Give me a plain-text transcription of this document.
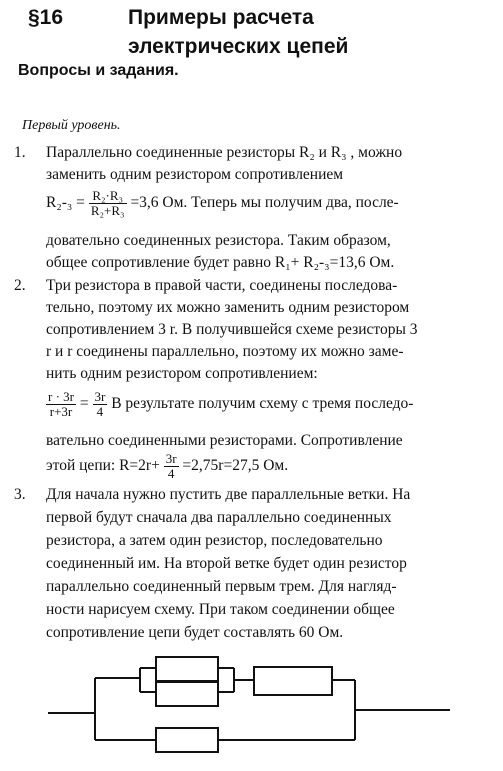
§16	Примеры расчета
электрических цепей
Вопросы и задания.
Первый уровень.
1. Параллельно соединенные резисторы R₂ и R₃ , можно
заменить одним резистором сопротивлением
$R_2-_3 = \frac{\text{R₂·R₃}}{\text{R₂+R₃}} =3,6$ Ом. Теперь мы получим два, после-
довательно соединенных резистора. Таким образом,
общее сопротивление будет равно R₁+ R₂-₃=13,6 Ом.
2. Три резистора в правой части, соединены последова-
тельно, поэтому их можно заменить одним резистором
сопротивлением 3 r. В получившейся схеме резисторы 3
r и r соединены параллельно, поэтому их можно заме-
нить одним резистором сопротивлением:
$\frac{r \cdot 3r}{r+3r} = \frac{3r}{4}$ В результате получим схему с тремя последо-
вательно соединенными резисторами. Сопротивление
этой цепи: $R=2r+ \frac{3r}{4} =2,75r=27,5$ Ом.
3. Для начала нужно пустить две параллельные ветки. На
первой будут сначала два параллельно соединенных
резистора, а затем один резистор, последовательно
соединенный им. На второй ветке будет один резистор
параллельно соединенный первым трем. Для нагляд-
ности нарисуем схему. При таком соединении общее
сопротивление цепи будет составлять 60 Ом.
